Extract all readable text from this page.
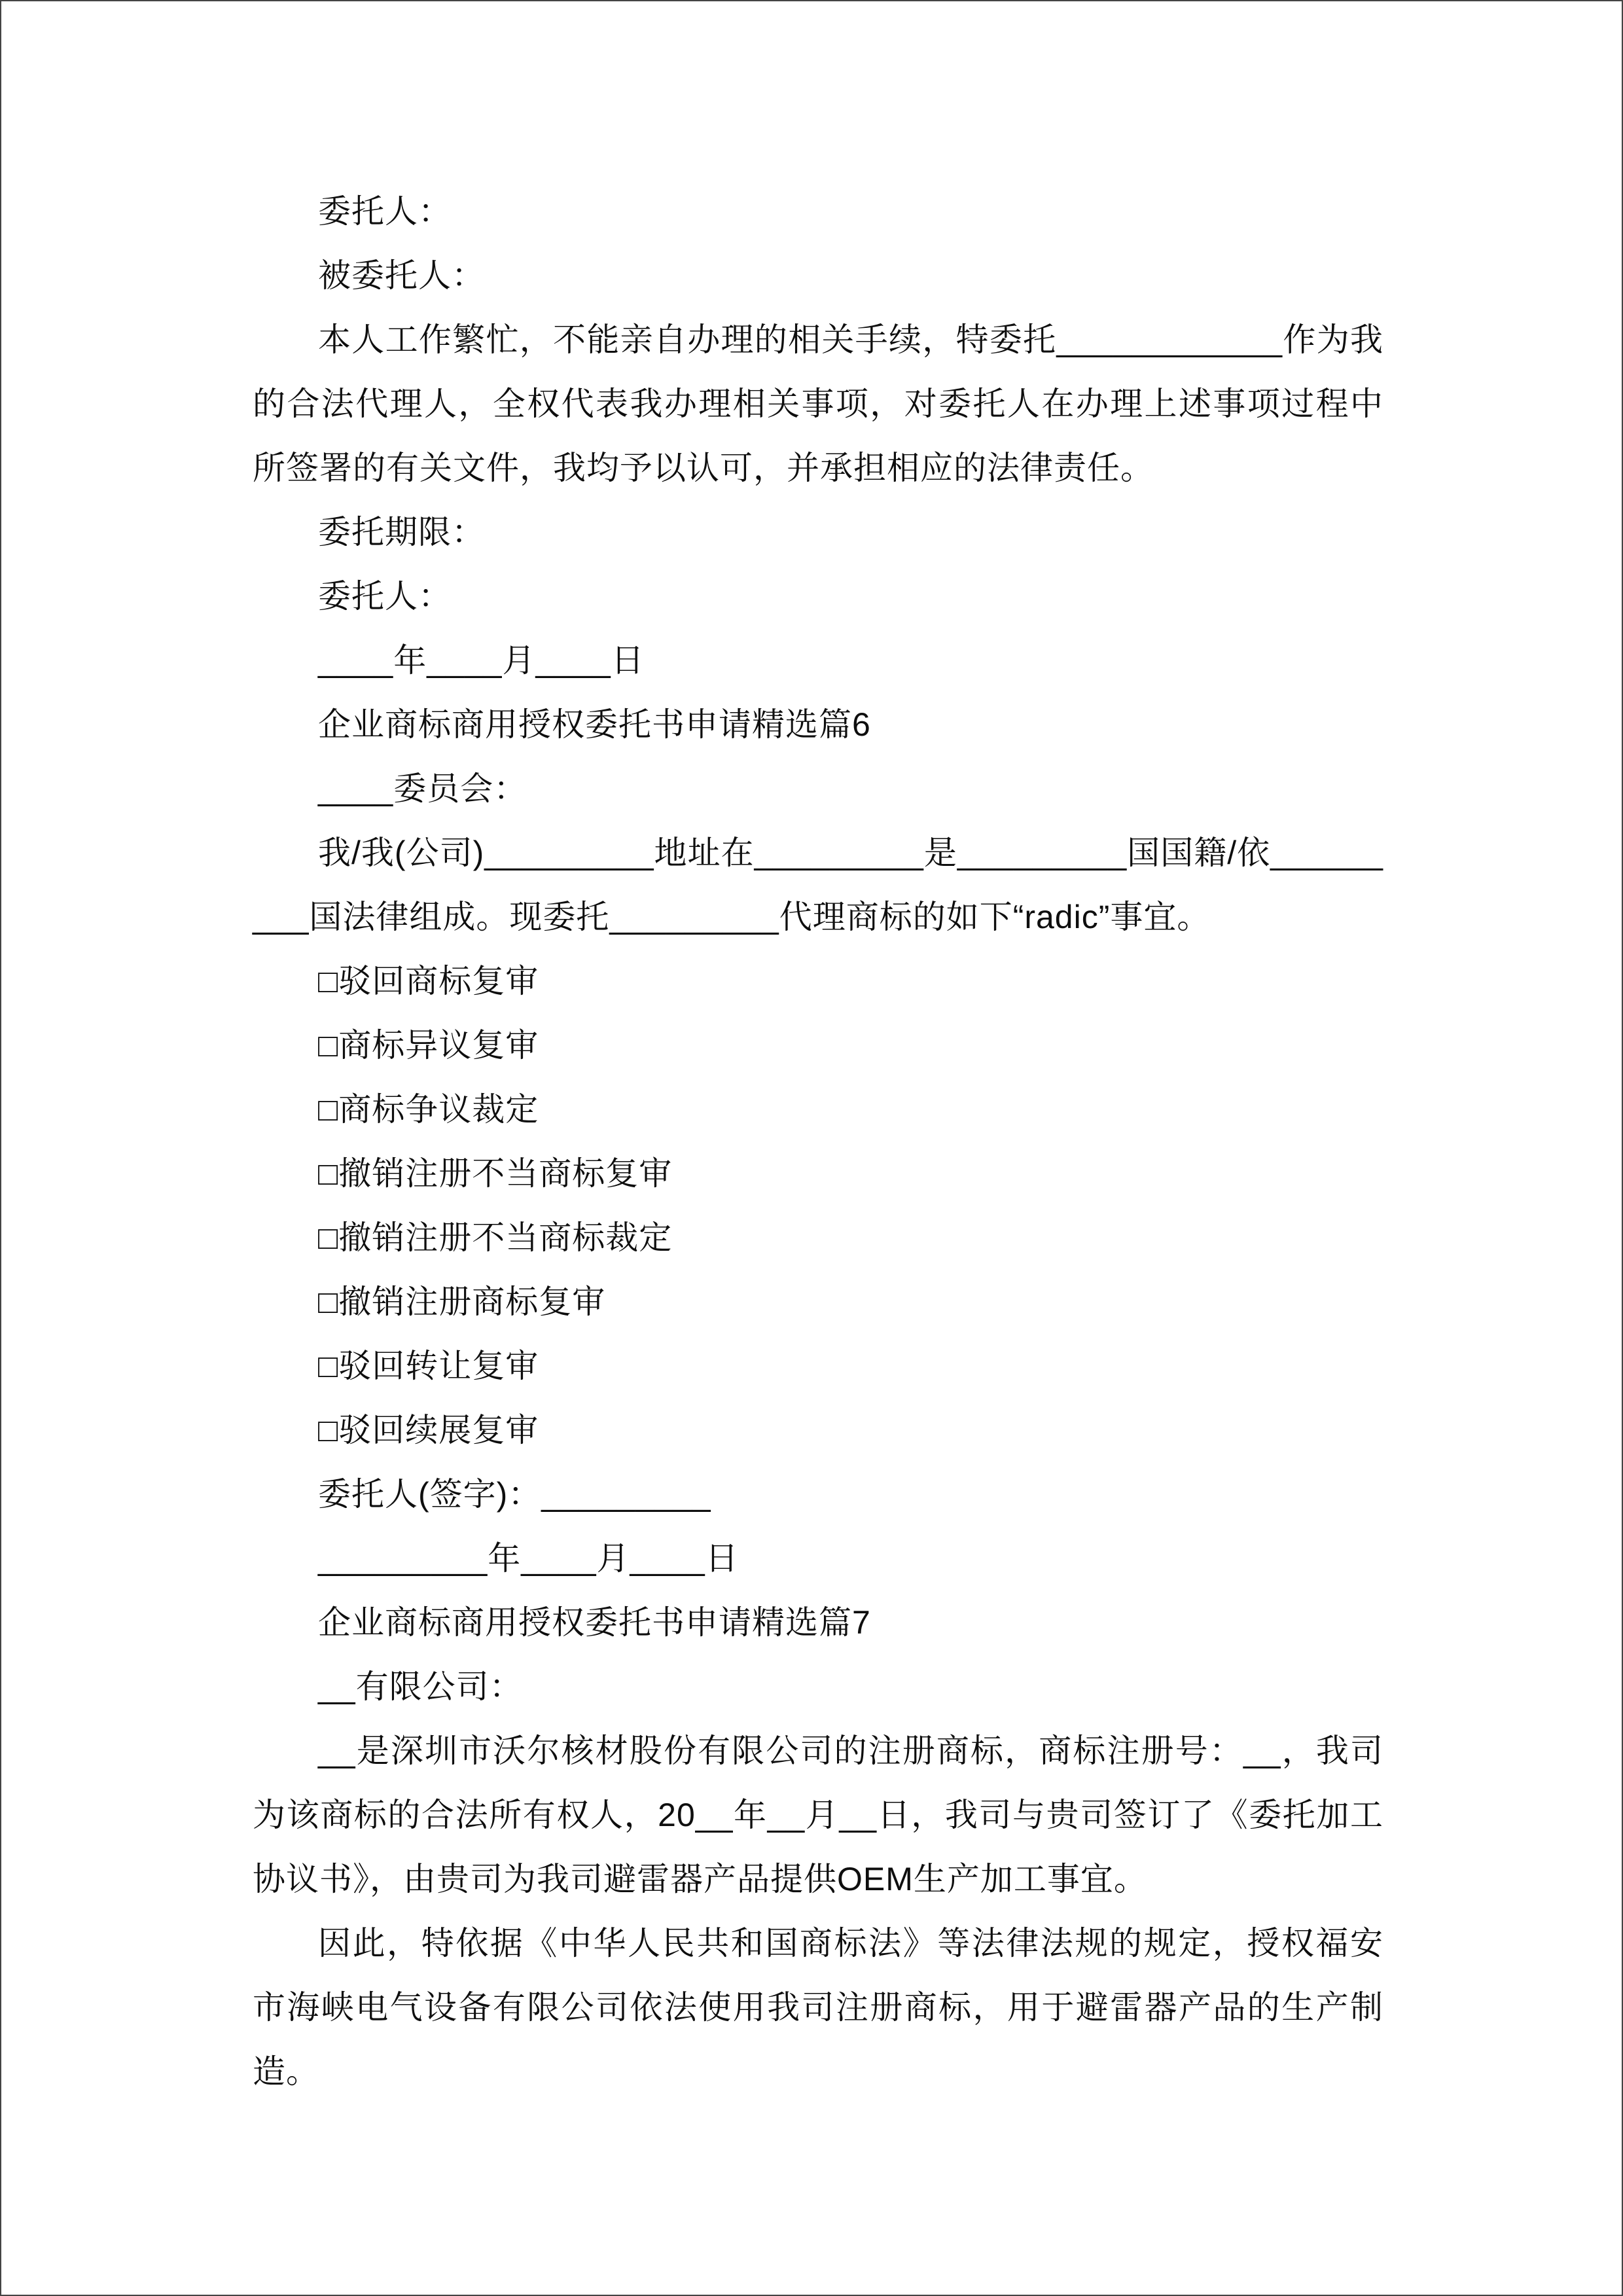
委托人：

被委托人：

本人工作繁忙，不能亲自办理的相关手续，特委托____________作为我的合法代理人，全权代表我办理相关事项，对委托人在办理上述事项过程中所签署的有关文件，我均予以认可，并承担相应的法律责任。

委托期限：

委托人：

____年____月____日

企业商标商用授权委托书申请精选篇6

____委员会：

我/我(公司)_________地址在_________是_________国国籍/依_________国法律组成。现委托_________代理商标的如下“radic”事宜。

□驳回商标复审

□商标异议复审

□商标争议裁定

□撤销注册不当商标复审

□撤销注册不当商标裁定

□撤销注册商标复审

□驳回转让复审

□驳回续展复审

委托人(签字)：_________

_________年____月____日

企业商标商用授权委托书申请精选篇7

__有限公司：

__是深圳市沃尔核材股份有限公司的注册商标，商标注册号：__，我司为该商标的合法所有权人，20__年__月__日，我司与贵司签订了《委托加工协议书》，由贵司为我司避雷器产品提供OEM生产加工事宜。

因此，特依据《中华人民共和国商标法》等法律法规的规定，授权福安市海峡电气设备有限公司依法使用我司注册商标，用于避雷器产品的生产制造。
